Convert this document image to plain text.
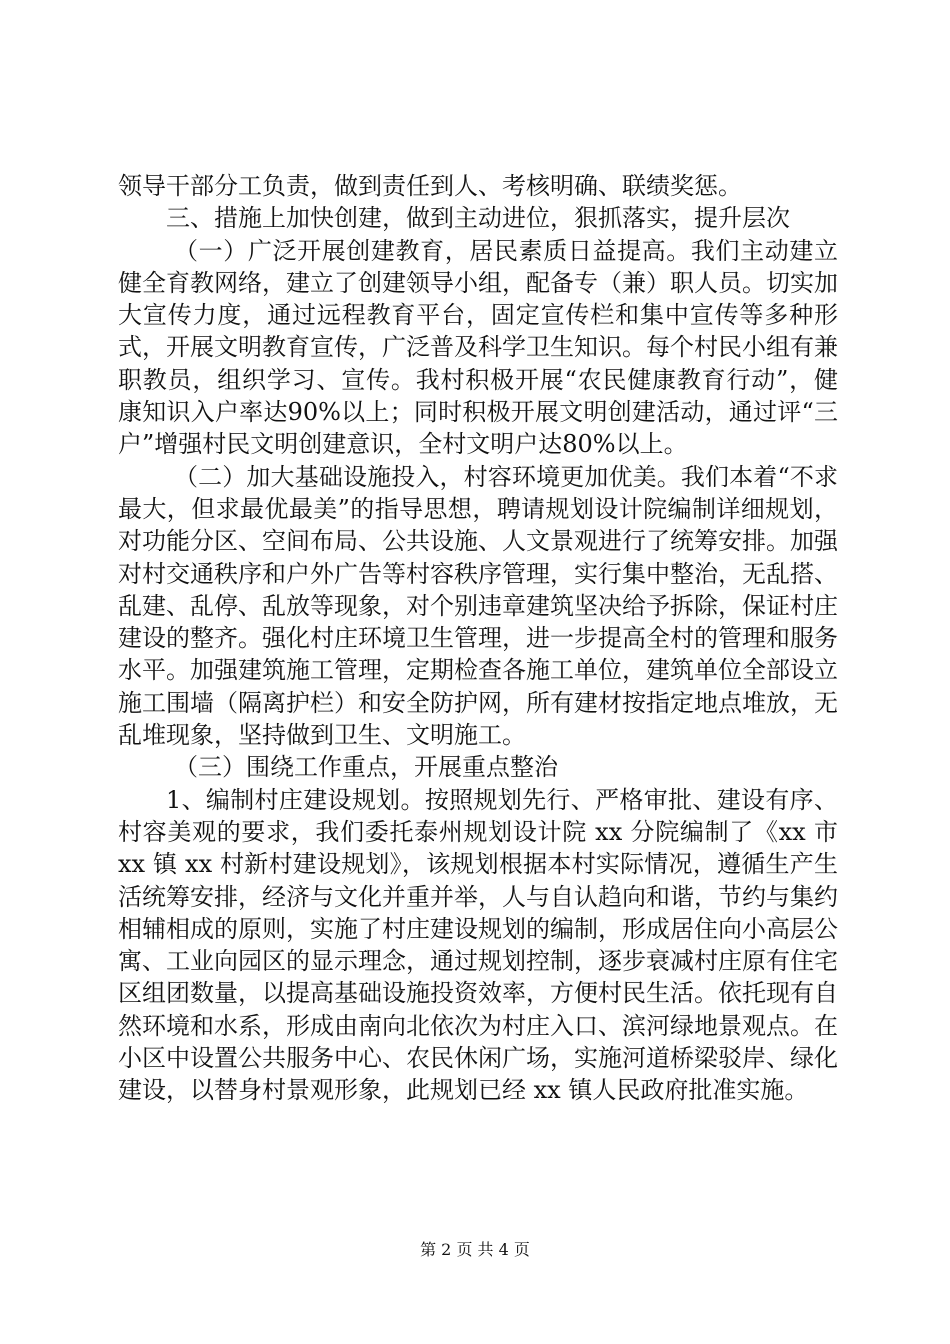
领导干部分工负责，做到责任到人、考核明确、联绩奖惩。

三、措施上加快创建，做到主动进位，狠抓落实，提升层次

（一）广泛开展创建教育，居民素质日益提高。我们主动建立健全育教网络，建立了创建领导小组，配备专（兼）职人员。切实加大宣传力度，通过远程教育平台，固定宣传栏和集中宣传等多种形式，开展文明教育宣传，广泛普及科学卫生知识。每个村民小组有兼职教员，组织学习、宣传。我村积极开展“农民健康教育行动”，健康知识入户率达90%以上；同时积极开展文明创建活动，通过评“三户”增强村民文明创建意识，全村文明户达80%以上。

（二）加大基础设施投入，村容环境更加优美。我们本着“不求最大，但求最优最美”的指导思想，聘请规划设计院编制详细规划，对功能分区、空间布局、公共设施、人文景观进行了统筹安排。加强对村交通秩序和户外广告等村容秩序管理，实行集中整治，无乱搭、乱建、乱停、乱放等现象，对个别违章建筑坚决给予拆除，保证村庄建设的整齐。强化村庄环境卫生管理，进一步提高全村的管理和服务水平。加强建筑施工管理，定期检查各施工单位，建筑单位全部设立施工围墙（隔离护栏）和安全防护网，所有建材按指定地点堆放，无乱堆现象，坚持做到卫生、文明施工。

（三）围绕工作重点，开展重点整治

1、编制村庄建设规划。按照规划先行、严格审批、建设有序、村容美观的要求，我们委托泰州规划设计院 xx 分院编制了《xx 市 xx 镇 xx 村新村建设规划》，该规划根据本村实际情况，遵循生产生活统筹安排，经济与文化并重并举，人与自认趋向和谐，节约与集约相辅相成的原则，实施了村庄建设规划的编制，形成居住向小高层公寓、工业向园区的显示理念，通过规划控制，逐步衰减村庄原有住宅区组团数量，以提高基础设施投资效率，方便村民生活。依托现有自然环境和水系，形成由南向北依次为村庄入口、滨河绿地景观点。在小区中设置公共服务中心、农民休闲广场，实施河道桥梁驳岸、绿化建设，以替身村景观形象，此规划已经 xx 镇人民政府批准实施。

第 2 页 共 4 页
